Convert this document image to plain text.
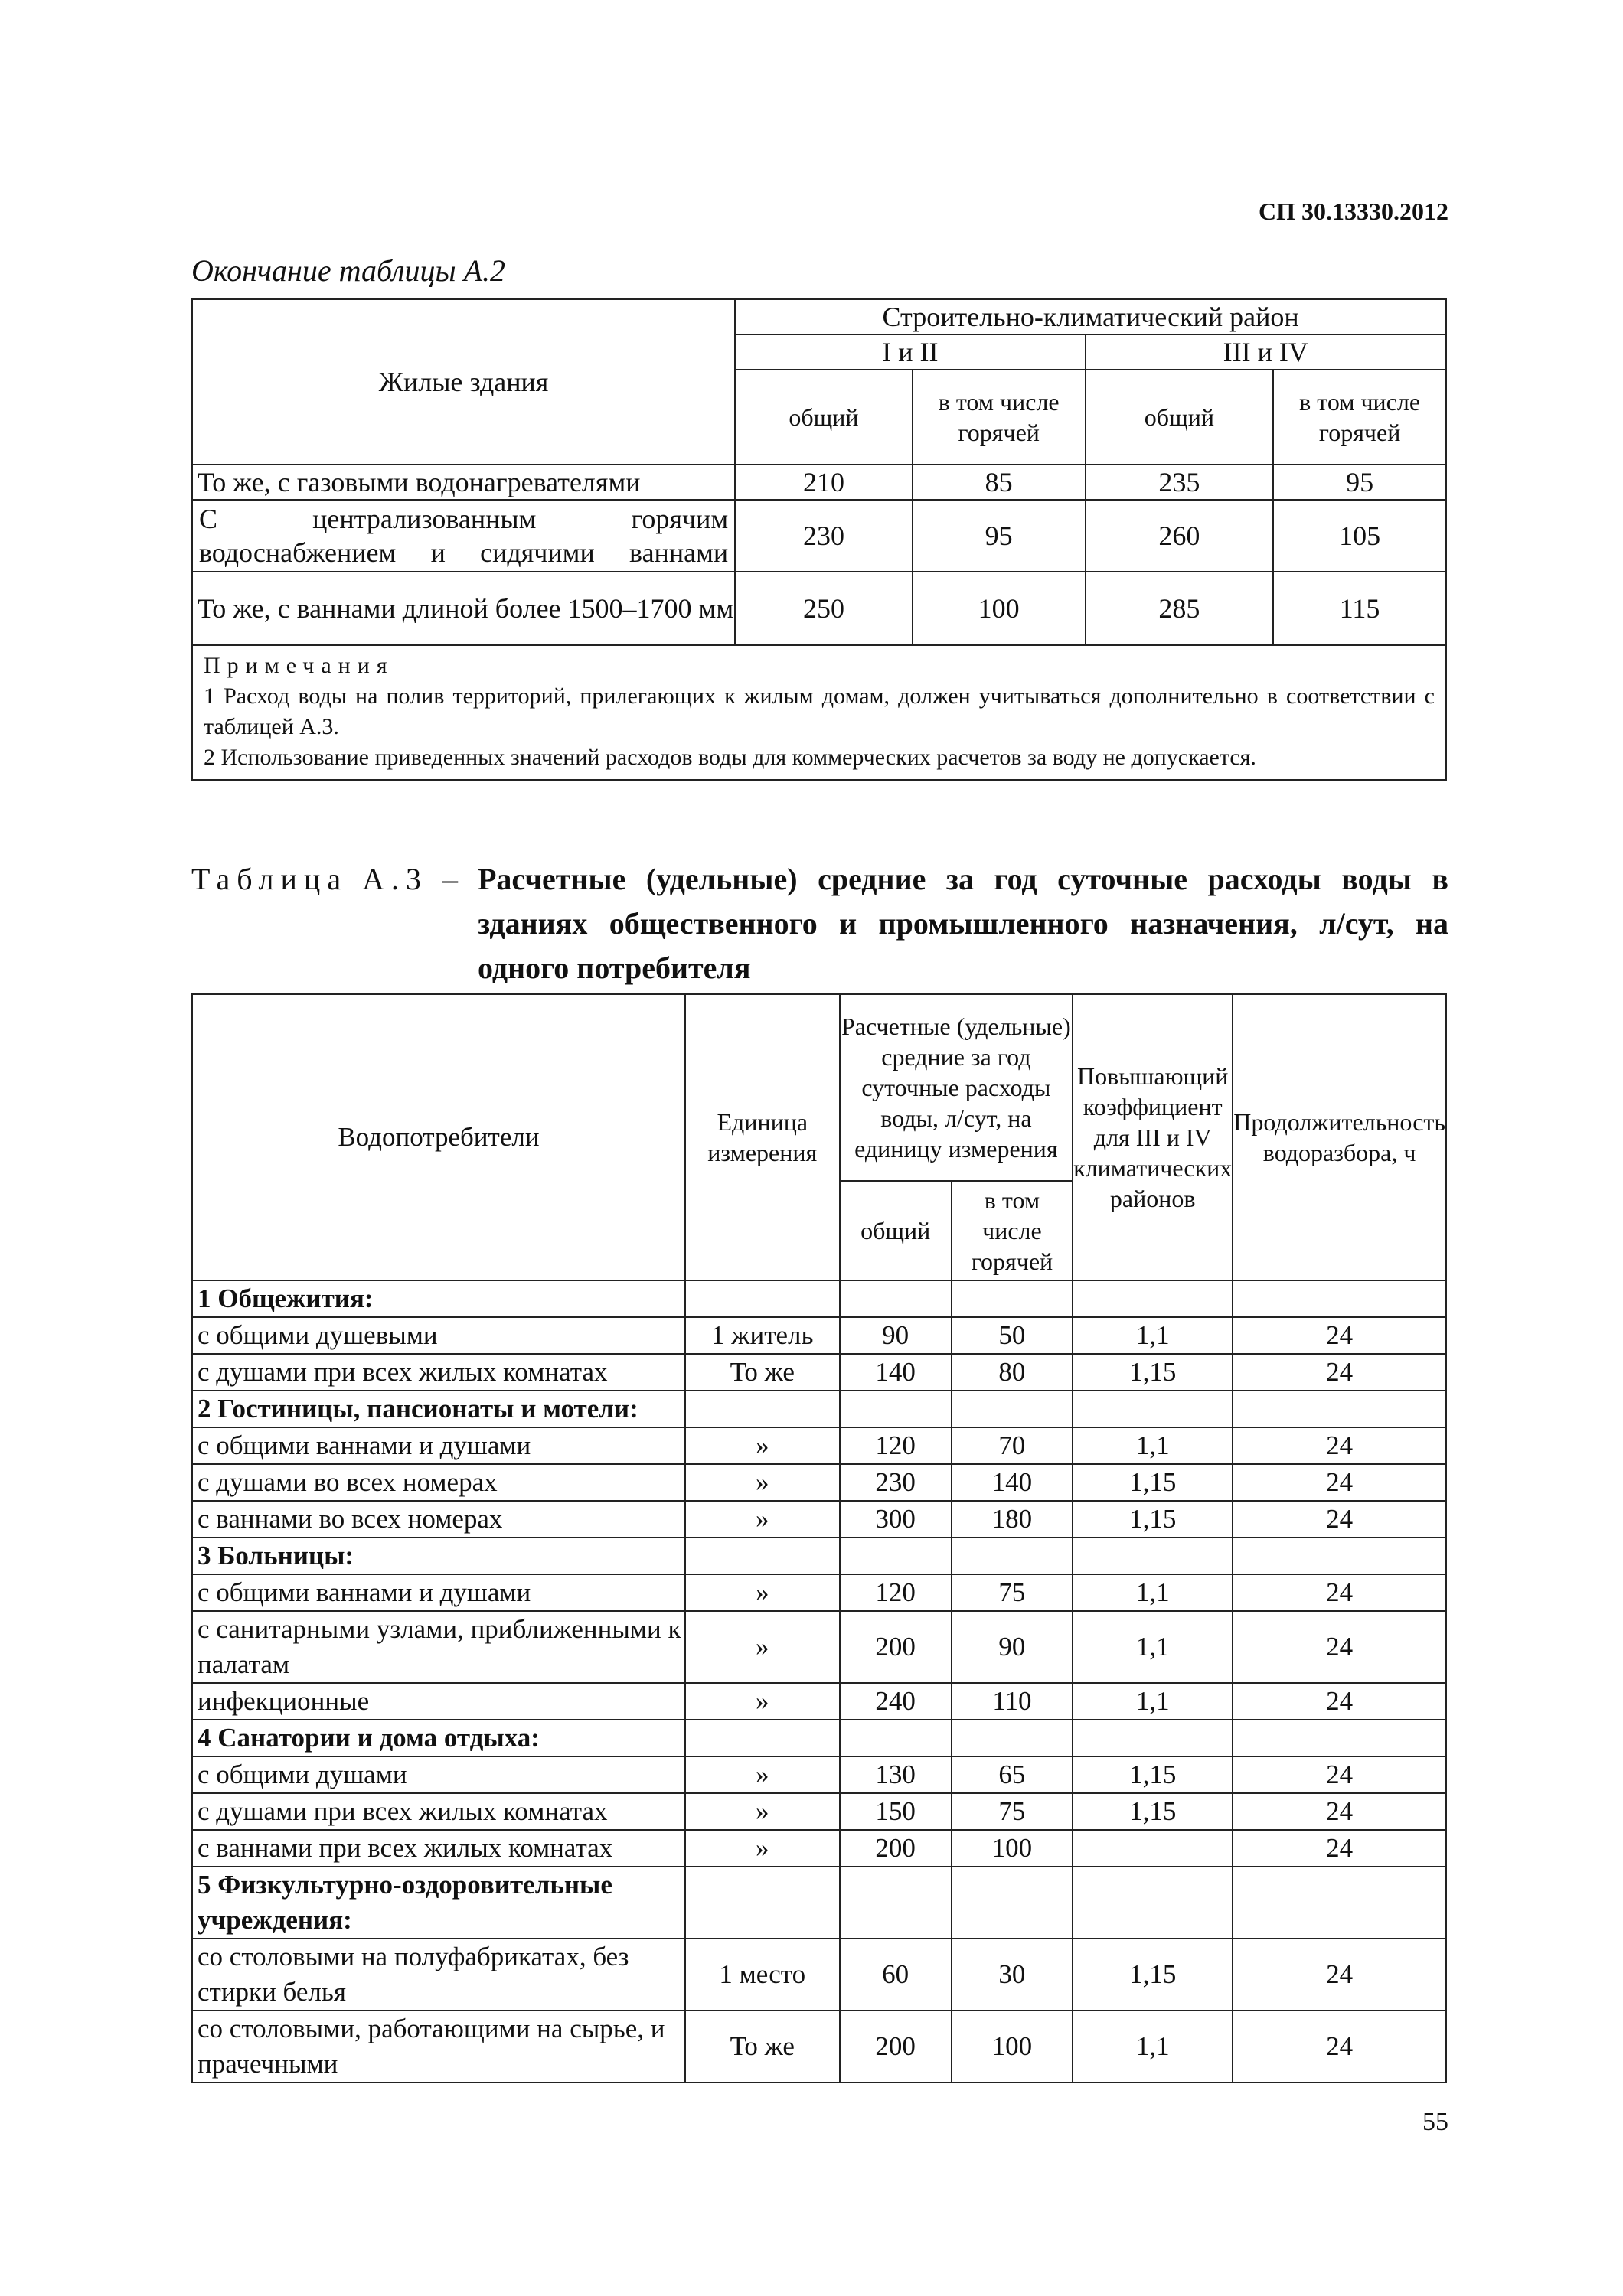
СП 30.13330.2012
Окончание таблицы А.2
Жилые здания	Строительно-климатический район			
	I и II		III и IV	
	общий	в том числе горячей	общий	в том числе горячей
То же, с газовыми водонагревателями	210	85	235	95
С централизованным горячим водоснабжением и сидячими ваннами	230	95	260	105
То же, с ваннами длиной более 1500–1700 мм	250	100	285	115

Примечания

1 Расход воды на полив территорий, прилегающих к жилым домам, должен учитываться дополнительно в соответствии с таблицей А.3.

2 Использование приведенных значений расходов воды для коммерческих расчетов за воду не допускается.				

Таблица А.3 – Расчетные (удельные) средние за год суточные расходы воды в зданиях общественного и промышленного назначения, л/сут, на одного потребителя
Водопотребители	Единица измерения	Расчетные (удельные) средние за год суточные расходы воды, л/сут, на единицу измерения		Повышающий коэффициент для III и IV климатических районов	Продолжительность водоразбора, ч
		общий	в том числе горячей		
1 Общежития:					
с общими душевыми	1 житель	90	50	1,1	24
с душами при всех жилых комнатах	То же	140	80	1,15	24
2 Гостиницы, пансионаты и мотели:					
с общими ваннами и душами	»	120	70	1,1	24
с душами во всех номерах	»	230	140	1,15	24
с ваннами во всех номерах	»	300	180	1,15	24
3 Больницы:					
с общими ваннами и душами	»	120	75	1,1	24
с санитарными узлами, приближенными к палатам	»	200	90	1,1	24
инфекционные	»	240	110	1,1	24
4 Санатории и дома отдыха:					
с общими душами	»	130	65	1,15	24
с душами при всех жилых комнатах	»	150	75	1,15	24
с ваннами при всех жилых комнатах	»	200	100		24
5 Физкультурно-оздоровительные учреждения:					
со столовыми на полуфабрикатах, без стирки белья	1 место	60	30	1,15	24
со столовыми, работающими на сырье, и прачечными	То же	200	100	1,1	24
55
